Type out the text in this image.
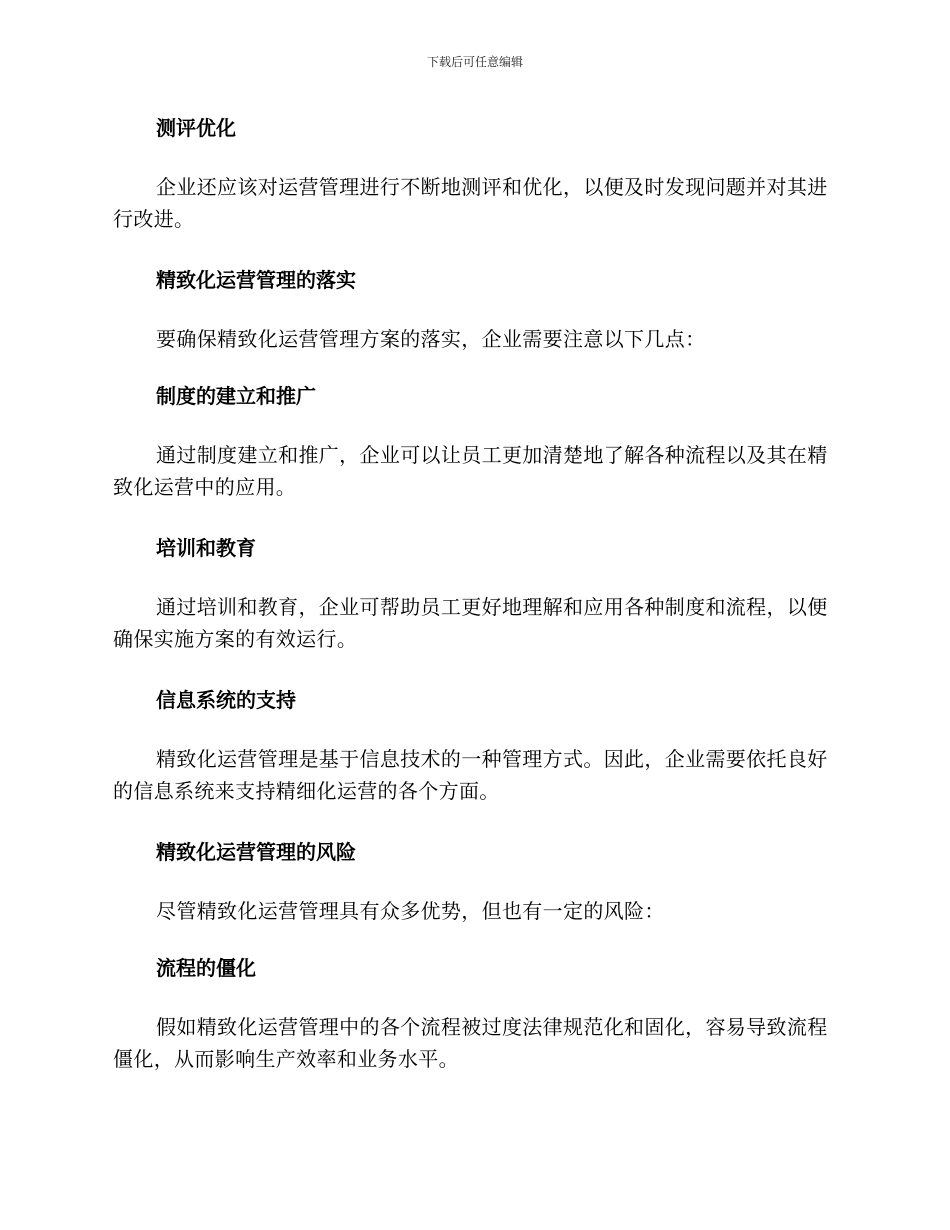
下载后可任意编辑
测评优化
企业还应该对运营管理进行不断地测评和优化，以便及时发现问题并对其进行改进。
精致化运营管理的落实
要确保精致化运营管理方案的落实，企业需要注意以下几点：
制度的建立和推广
通过制度建立和推广，企业可以让员工更加清楚地了解各种流程以及其在精致化运营中的应用。
培训和教育
通过培训和教育，企业可帮助员工更好地理解和应用各种制度和流程，以便确保实施方案的有效运行。
信息系统的支持
精致化运营管理是基于信息技术的一种管理方式。因此，企业需要依托良好的信息系统来支持精细化运营的各个方面。
精致化运营管理的风险
尽管精致化运营管理具有众多优势，但也有一定的风险：
流程的僵化
假如精致化运营管理中的各个流程被过度法律规范化和固化，容易导致流程僵化，从而影响生产效率和业务水平。
